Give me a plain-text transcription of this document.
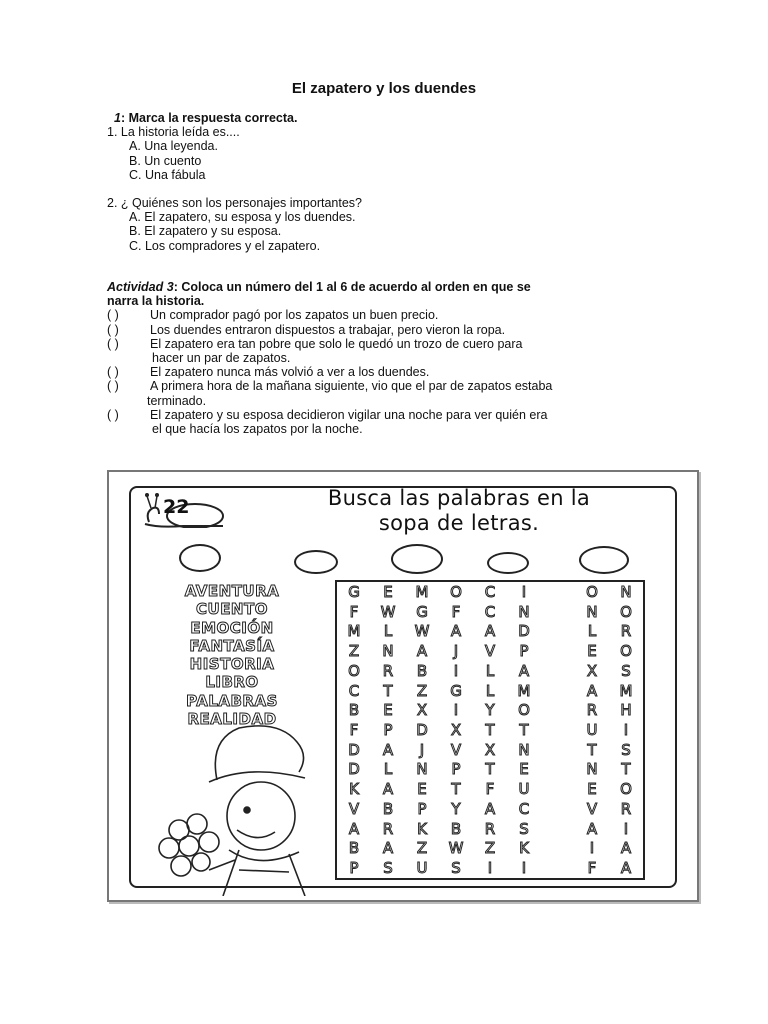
El zapatero y los duendes
1: Marca la respuesta correcta.
1. La historia leída es....
A. Una leyenda.
B. Un cuento
C. Una fábula
2. ¿ Quiénes son los personajes importantes?
A. El zapatero, su esposa y los duendes.
B. El zapatero y su esposa.
C. Los compradores y el zapatero.
Actividad 3: Coloca un número del 1 al 6 de acuerdo al orden en que se
narra la historia.
( ) Un comprador pagó por los zapatos un buen precio.
( ) Los duendes entraron dispuestos a trabajar, pero vieron la ropa.
( ) El zapatero era tan pobre que solo le quedó un trozo de cuero para
hacer un par de zapatos.
( ) El zapatero nunca más volvió a ver a los duendes.
( ) A primera hora de la mañana siguiente, vio que el par de zapatos estaba
terminado.
( ) El zapatero y su esposa decidieron vigilar una noche para ver quién era
el que hacía los zapatos por la noche.
22	Busca las palabras en la
sopa de letras.
AVENTURA
CUENTO
EMOCIÓN
FANTASÍA
HISTORIA
LIBRO
PALABRAS
REALIDAD
G	E	M	O	C	I	O	N
F	W	G	F	C	N	N	O
M	L	W	A	A	D	L	R
Z	N	A	J	V	P	E	O
O	R	B	I	L	A	X	S
C	T	Z	G	L	M	A	M
B	E	X	I	Y	O	R	H
F	P	D	X	T	T	U	I
D	A	J	V	X	N	T	S
D	L	N	P	T	E	N	T
K	A	E	T	F	U	E	O
V	B	P	Y	A	C	V	R
A	R	K	B	R	S	A	I
B	A	Z	W	Z	K	I	A
P	S	U	S	I	I	F	A
